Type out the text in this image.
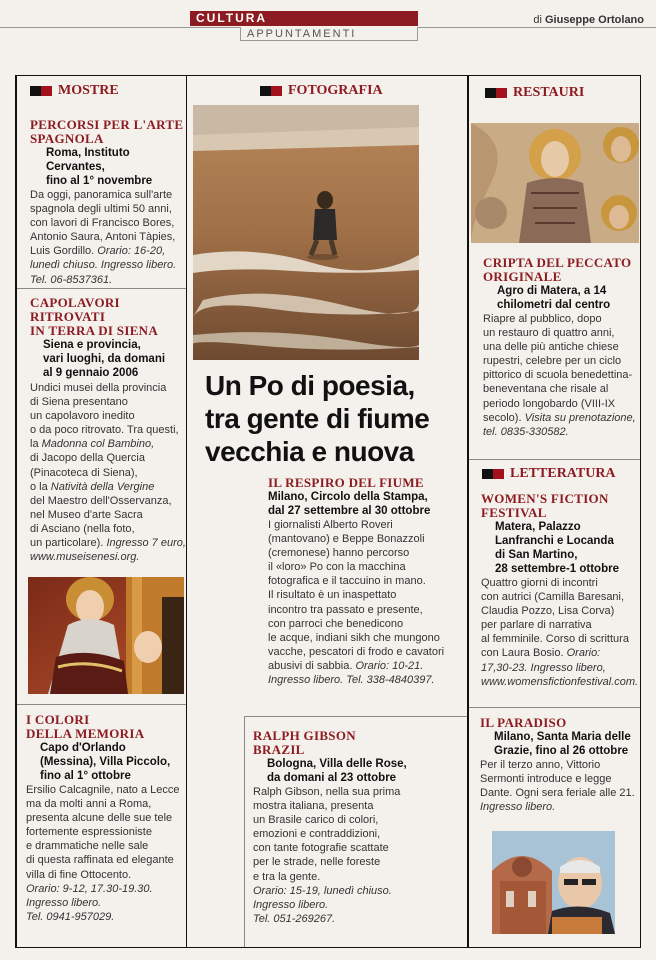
CULTURA
APPUNTAMENTI
di Giuseppe Ortolano
MOSTRE
PERCORSI PER L'ARTE
SPAGNOLA
Roma, Instituto Cervantes,
fino al 1° novembre
Da oggi, panoramica sull'arte
spagnola degli ultimi 50 anni,
con lavori di Francisco Bores,
Antonio Saura, Antoni Tàpies,
Luis Gordillo. Orario: 16-20,
lunedì chiuso. Ingresso libero.
Tel. 06-8537361.
CAPOLAVORI RITROVATI
IN TERRA DI SIENA
Siena e provincia,
vari luoghi, da domani
al 9 gennaio 2006
Undici musei della provincia
di Siena presentano
un capolavoro inedito
o da poco ritrovato. Tra questi,
la Madonna col Bambino,
di Jacopo della Quercia
(Pinacoteca di Siena),
o la Natività della Vergine
del Maestro dell'Osservanza,
nel Museo d'arte Sacra
di Asciano (nella foto,
un particolare). Ingresso 7 euro,
www.museisenesi.org.
I COLORI
DELLA MEMORIA
Capo d'Orlando
(Messina), Villa Piccolo,
fino al 1° ottobre
Ersilio Calcagnile, nato a Lecce
ma da molti anni a Roma,
presenta alcune delle sue tele
fortemente espressioniste
e drammatiche nelle sale
di questa raffinata ed elegante
villa di fine Ottocento.
Orario: 9-12, 17.30-19.30.
Ingresso libero.
Tel. 0941-957029.
FOTOGRAFIA
Un Po di poesia,
tra gente di fiume
vecchia e nuova
IL RESPIRO DEL FIUME
Milano, Circolo della Stampa,
dal 27 settembre al 30 ottobre
I giornalisti Alberto Roveri
(mantovano) e Beppe Bonazzoli
(cremonese) hanno percorso
il «loro» Po con la macchina
fotografica e il taccuino in mano.
Il risultato è un inaspettato
incontro tra passato e presente,
con parroci che benedicono
le acque, indiani sikh che mungono
vacche, pescatori di frodo e cavatori
abusivi di sabbia. Orario: 10-21.
Ingresso libero. Tel. 338-4840397.
RALPH GIBSON
BRAZIL
Bologna, Villa delle Rose,
da domani al 23 ottobre
Ralph Gibson, nella sua prima
mostra italiana, presenta
un Brasile carico di colori,
emozioni e contraddizioni,
con tante fotografie scattate
per le strade, nelle foreste
e tra la gente.
Orario: 15-19, lunedì chiuso.
Ingresso libero.
Tel. 051-269267.
RESTAURI
CRIPTA DEL PECCATO
ORIGINALE
Agro di Matera, a 14
chilometri dal centro
Riapre al pubblico, dopo
un restauro di quattro anni,
una delle più antiche chiese
rupestri, celebre per un ciclo
pittorico di scuola benedettina-
beneventana che risale al
periodo longobardo (VIII-IX
secolo). Visita su prenotazione,
tel. 0835-330582.
LETTERATURA
WOMEN'S FICTION
FESTIVAL
Matera, Palazzo
Lanfranchi e Locanda
di San Martino,
28 settembre-1 ottobre
Quattro giorni di incontri
con autrici (Camilla Baresani,
Claudia Pozzo, Lisa Corva)
per parlare di narrativa
al femminile. Corso di scrittura
con Laura Bosio. Orario:
17,30-23. Ingresso libero,
www.womensfictionfestival.com.
IL PARADISO
Milano, Santa Maria delle
Grazie, fino al 26 ottobre
Per il terzo anno, Vittorio
Sermonti introduce e legge
Dante. Ogni sera feriale alle 21.
Ingresso libero.
